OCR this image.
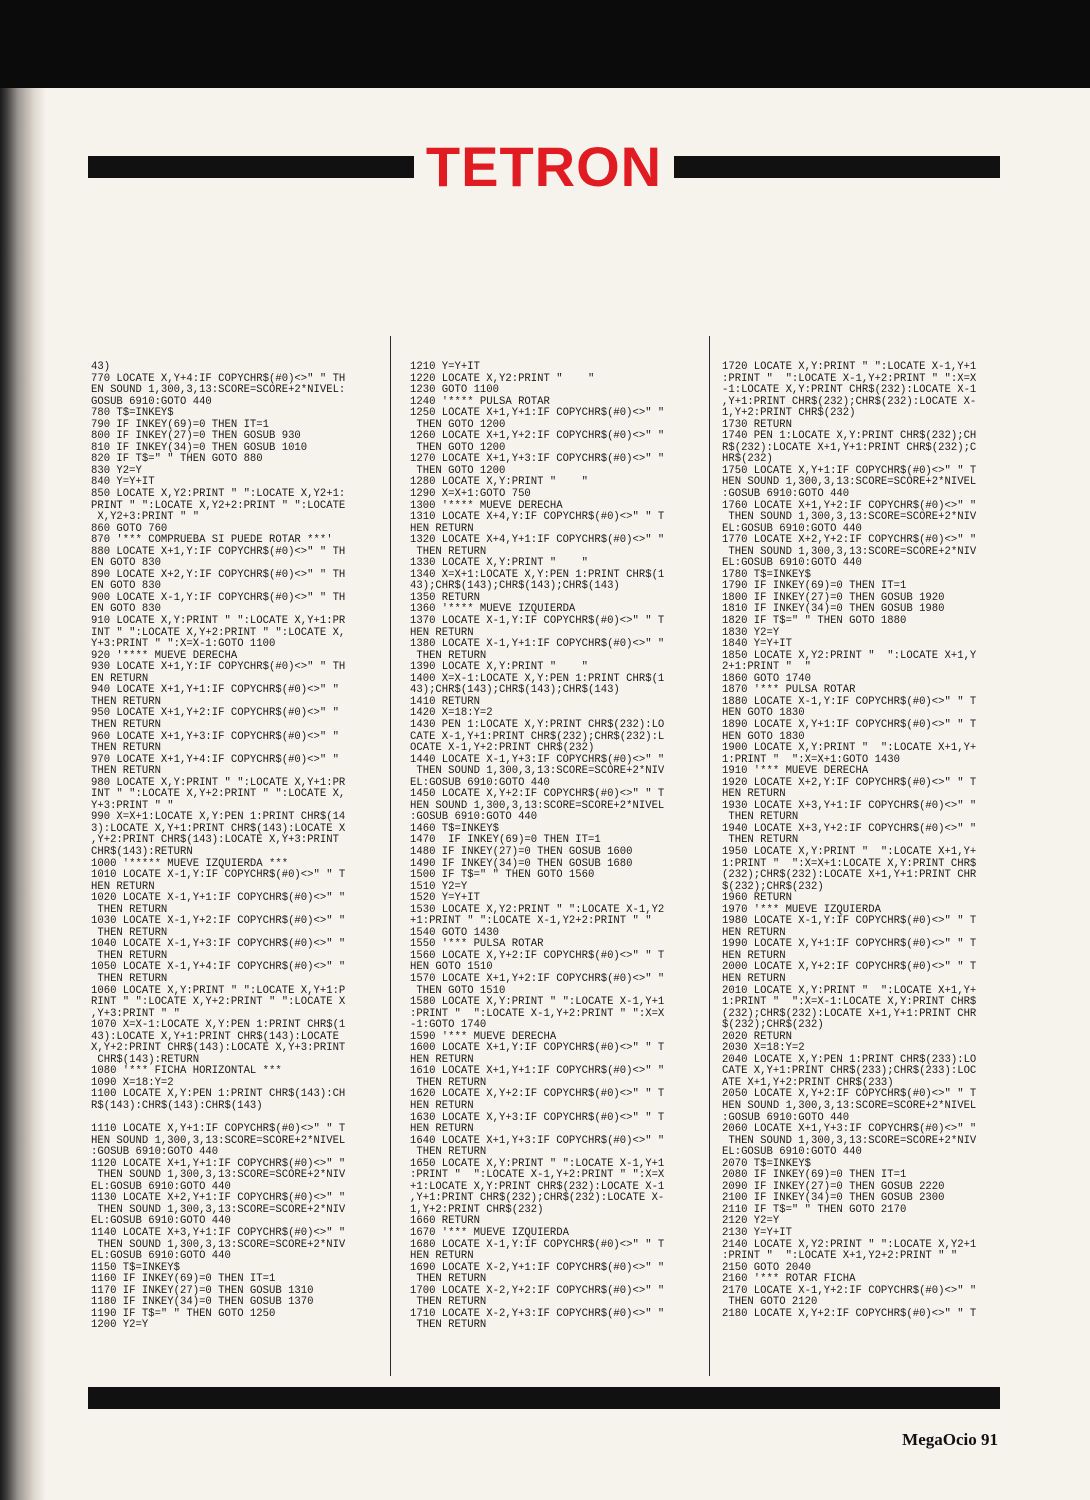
TETRON
43)
770 LOCATE X,Y+4:IF COPYCHR$(#0)<>" " TH
EN SOUND 1,300,3,13:SCORE=SCORE+2*NIVEL:
GOSUB 6910:GOTO 440
780 T$=INKEY$
790 IF INKEY(69)=0 THEN IT=1
800 IF INKEY(27)=0 THEN GOSUB 930
810 IF INKEY(34)=0 THEN GOSUB 1010
820 IF T$=" " THEN GOTO 880
830 Y2=Y
840 Y=Y+IT
850 LOCATE X,Y2:PRINT " ":LOCATE X,Y2+1:
PRINT " ":LOCATE X,Y2+2:PRINT " ":LOCATE
X,Y2+3:PRINT " "
860 GOTO 760
870 '*** COMPRUEBA SI PUEDE ROTAR ***'
880 LOCATE X+1,Y:IF COPYCHR$(#0)<>" " TH
EN GOTO 830
890 LOCATE X+2,Y:IF COPYCHR$(#0)<>" " TH
EN GOTO 830
900 LOCATE X-1,Y:IF COPYCHR$(#0)<>" " TH
EN GOTO 830
910 LOCATE X,Y:PRINT " ":LOCATE X,Y+1:PR
INT " ":LOCATE X,Y+2:PRINT " ":LOCATE X,
Y+3:PRINT " ":X=X-1:GOTO 1100
920 '**** MUEVE DERECHA
930 LOCATE X+1,Y:IF COPYCHR$(#0)<>" " TH
EN RETURN
940 LOCATE X+1,Y+1:IF COPYCHR$(#0)<>" "
THEN RETURN
950 LOCATE X+1,Y+2:IF COPYCHR$(#0)<>" "
THEN RETURN
960 LOCATE X+1,Y+3:IF COPYCHR$(#0)<>" "
THEN RETURN
970 LOCATE X+1,Y+4:IF COPYCHR$(#0)<>" "
THEN RETURN
980 LOCATE X,Y:PRINT " ":LOCATE X,Y+1:PR
INT " ":LOCATE X,Y+2:PRINT " ":LOCATE X,
Y+3:PRINT " "
990 X=X+1:LOCATE X,Y:PEN 1:PRINT CHR$(14
3):LOCATE X,Y+1:PRINT CHR$(143):LOCATE X
,Y+2:PRINT CHR$(143):LOCATE X,Y+3:PRINT
CHR$(143):RETURN
1000 '***** MUEVE IZQUIERDA ***
1010 LOCATE X-1,Y:IF COPYCHR$(#0)<>" " T
HEN RETURN
1020 LOCATE X-1,Y+1:IF COPYCHR$(#0)<>" "
THEN RETURN
1030 LOCATE X-1,Y+2:IF COPYCHR$(#0)<>" "
THEN RETURN
1040 LOCATE X-1,Y+3:IF COPYCHR$(#0)<>" "
THEN RETURN
1050 LOCATE X-1,Y+4:IF COPYCHR$(#0)<>" "
THEN RETURN
1060 LOCATE X,Y:PRINT " ":LOCATE X,Y+1:P
RINT " ":LOCATE X,Y+2:PRINT " ":LOCATE X
,Y+3:PRINT " "
1070 X=X-1:LOCATE X,Y:PEN 1:PRINT CHR$(1
43):LOCATE X,Y+1:PRINT CHR$(143):LOCATE
X,Y+2:PRINT CHR$(143):LOCATE X,Y+3:PRINT
CHR$(143):RETURN
1080 '*** FICHA HORIZONTAL ***
1090 X=18:Y=2
1100 LOCATE X,Y:PEN 1:PRINT CHR$(143):CH
R$(143):CHR$(143):CHR$(143)
1110 LOCATE X,Y+1:IF COPYCHR$(#0)<>" " T
HEN SOUND 1,300,3,13:SCORE=SCORE+2*NIVEL
:GOSUB 6910:GOTO 440
1120 LOCATE X+1,Y+1:IF COPYCHR$(#0)<>" "
THEN SOUND 1,300,3,13:SCORE=SCORE+2*NIV
EL:GOSUB 6910:GOTO 440
1130 LOCATE X+2,Y+1:IF COPYCHR$(#0)<>" "
THEN SOUND 1,300,3,13:SCORE=SCORE+2*NIV
EL:GOSUB 6910:GOTO 440
1140 LOCATE X+3,Y+1:IF COPYCHR$(#0)<>" "
THEN SOUND 1,300,3,13:SCORE=SCORE+2*NIV
EL:GOSUB 6910:GOTO 440
1150 T$=INKEY$
1160 IF INKEY(69)=0 THEN IT=1
1170 IF INKEY(27)=0 THEN GOSUB 1310
1180 IF INKEY(34)=0 THEN GOSUB 1370
1190 IF T$=" " THEN GOTO 1250
1200 Y2=Y
1210 Y=Y+IT
1220 LOCATE X,Y2:PRINT "    "
1230 GOTO 1100
1240 '**** PULSA ROTAR
1250 LOCATE X+1,Y+1:IF COPYCHR$(#0)<>" "
THEN GOTO 1200
1260 LOCATE X+1,Y+2:IF COPYCHR$(#0)<>" "
THEN GOTO 1200
1270 LOCATE X+1,Y+3:IF COPYCHR$(#0)<>" "
THEN GOTO 1200
1280 LOCATE X,Y:PRINT "    "
1290 X=X+1:GOTO 750
1300 '**** MUEVE DERECHA
1310 LOCATE X+4,Y:IF COPYCHR$(#0)<>" " T
HEN RETURN
1320 LOCATE X+4,Y+1:IF COPYCHR$(#0)<>" "
THEN RETURN
1330 LOCATE X,Y:PRINT "    "
1340 X=X+1:LOCATE X,Y:PEN 1:PRINT CHR$(1
43);CHR$(143);CHR$(143);CHR$(143)
1350 RETURN
1360 '**** MUEVE IZQUIERDA
1370 LOCATE X-1,Y:IF COPYCHR$(#0)<>" " T
HEN RETURN
1380 LOCATE X-1,Y+1:IF COPYCHR$(#0)<>" "
THEN RETURN
1390 LOCATE X,Y:PRINT "    "
1400 X=X-1:LOCATE X,Y:PEN 1:PRINT CHR$(1
43);CHR$(143);CHR$(143);CHR$(143)
1410 RETURN
1420 X=18:Y=2
1430 PEN 1:LOCATE X,Y:PRINT CHR$(232):LO
CATE X-1,Y+1:PRINT CHR$(232);CHR$(232):L
OCATE X-1,Y+2:PRINT CHR$(232)
1440 LOCATE X-1,Y+3:IF COPYCHR$(#0)<>" "
THEN SOUND 1,300,3,13:SCORE=SCORE+2*NIV
EL:GOSUB 6910:GOTO 440
1450 LOCATE X,Y+2:IF COPYCHR$(#0)<>" " T
HEN SOUND 1,300,3,13:SCORE=SCORE+2*NIVEL
:GOSUB 6910:GOTO 440
1460 T$=INKEY$
1470  IF INKEY(69)=0 THEN IT=1
1480 IF INKEY(27)=0 THEN GOSUB 1600
1490 IF INKEY(34)=0 THEN GOSUB 1680
1500 IF T$=" " THEN GOTO 1560
1510 Y2=Y
1520 Y=Y+IT
1530 LOCATE X,Y2:PRINT " ":LOCATE X-1,Y2
+1:PRINT " ":LOCATE X-1,Y2+2:PRINT " "
1540 GOTO 1430
1550 '*** PULSA ROTAR
1560 LOCATE X,Y+2:IF COPYCHR$(#0)<>" " T
HEN GOTO 1510
1570 LOCATE X+1,Y+2:IF COPYCHR$(#0)<>" "
THEN GOTO 1510
1580 LOCATE X,Y:PRINT " ":LOCATE X-1,Y+1
:PRINT "  ":LOCATE X-1,Y+2:PRINT " ":X=X
-1:GOTO 1740
1590 '*** MUEVE DERECHA
1600 LOCATE X+1,Y:IF COPYCHR$(#0)<>" " T
HEN RETURN
1610 LOCATE X+1,Y+1:IF COPYCHR$(#0)<>" "
THEN RETURN
1620 LOCATE X,Y+2:IF COPYCHR$(#0)<>" " T
HEN RETURN
1630 LOCATE X,Y+3:IF COPYCHR$(#0)<>" " T
HEN RETURN
1640 LOCATE X+1,Y+3:IF COPYCHR$(#0)<>" "
THEN RETURN
1650 LOCATE X,Y:PRINT " ":LOCATE X-1,Y+1
:PRINT "  ":LOCATE X-1,Y+2:PRINT " ":X=X
+1:LOCATE X,Y:PRINT CHR$(232):LOCATE X-1
,Y+1:PRINT CHR$(232);CHR$(232):LOCATE X-
1,Y+2:PRINT CHR$(232)
1660 RETURN
1670 '*** MUEVE IZQUIERDA
1680 LOCATE X-1,Y:IF COPYCHR$(#0)<>" " T
HEN RETURN
1690 LOCATE X-2,Y+1:IF COPYCHR$(#0)<>" "
THEN RETURN
1700 LOCATE X-2,Y+2:IF COPYCHR$(#0)<>" "
THEN RETURN
1710 LOCATE X-2,Y+3:IF COPYCHR$(#0)<>" "
THEN RETURN
1720 LOCATE X,Y:PRINT " ":LOCATE X-1,Y+1
:PRINT "  ":LOCATE X-1,Y+2:PRINT " ":X=X
-1:LOCATE X,Y:PRINT CHR$(232):LOCATE X-1
,Y+1:PRINT CHR$(232);CHR$(232):LOCATE X-
1,Y+2:PRINT CHR$(232)
1730 RETURN
1740 PEN 1:LOCATE X,Y:PRINT CHR$(232);CH
R$(232):LOCATE X+1,Y+1:PRINT CHR$(232);C
HR$(232)
1750 LOCATE X,Y+1:IF COPYCHR$(#0)<>" " T
HEN SOUND 1,300,3,13:SCORE=SCORE+2*NIVEL
:GOSUB 6910:GOTO 440
1760 LOCATE X+1,Y+2:IF COPYCHR$(#0)<>" "
THEN SOUND 1,300,3,13:SCORE=SCORE+2*NIV
EL:GOSUB 6910:GOTO 440
1770 LOCATE X+2,Y+2:IF COPYCHR$(#0)<>" "
THEN SOUND 1,300,3,13:SCORE=SCORE+2*NIV
EL:GOSUB 6910:GOTO 440
1780 T$=INKEY$
1790 IF INKEY(69)=0 THEN IT=1
1800 IF INKEY(27)=0 THEN GOSUB 1920
1810 IF INKEY(34)=0 THEN GOSUB 1980
1820 IF T$=" " THEN GOTO 1880
1830 Y2=Y
1840 Y=Y+IT
1850 LOCATE X,Y2:PRINT "  ":LOCATE X+1,Y
2+1:PRINT "  "
1860 GOTO 1740
1870 '*** PULSA ROTAR
1880 LOCATE X-1,Y:IF COPYCHR$(#0)<>" " T
HEN GOTO 1830
1890 LOCATE X,Y+1:IF COPYCHR$(#0)<>" " T
HEN GOTO 1830
1900 LOCATE X,Y:PRINT "  ":LOCATE X+1,Y+
1:PRINT "  ":X=X+1:GOTO 1430
1910 '*** MUEVE DERECHA
1920 LOCATE X+2,Y:IF COPYCHR$(#0)<>" " T
HEN RETURN
1930 LOCATE X+3,Y+1:IF COPYCHR$(#0)<>" "
THEN RETURN
1940 LOCATE X+3,Y+2:IF COPYCHR$(#0)<>" "
THEN RETURN
1950 LOCATE X,Y:PRINT "  ":LOCATE X+1,Y+
1:PRINT "  ":X=X+1:LOCATE X,Y:PRINT CHR$
(232);CHR$(232):LOCATE X+1,Y+1:PRINT CHR
$(232);CHR$(232)
1960 RETURN
1970 '*** MUEVE IZQUIERDA
1980 LOCATE X-1,Y:IF COPYCHR$(#0)<>" " T
HEN RETURN
1990 LOCATE X,Y+1:IF COPYCHR$(#0)<>" " T
HEN RETURN
2000 LOCATE X,Y+2:IF COPYCHR$(#0)<>" " T
HEN RETURN
2010 LOCATE X,Y:PRINT "  ":LOCATE X+1,Y+
1:PRINT "  ":X=X-1:LOCATE X,Y:PRINT CHR$
(232);CHR$(232):LOCATE X+1,Y+1:PRINT CHR
$(232);CHR$(232)
2020 RETURN
2030 X=18:Y=2
2040 LOCATE X,Y:PEN 1:PRINT CHR$(233):LO
CATE X,Y+1:PRINT CHR$(233);CHR$(233):LOC
ATE X+1,Y+2:PRINT CHR$(233)
2050 LOCATE X,Y+2:IF COPYCHR$(#0)<>" " T
HEN SOUND 1,300,3,13:SCORE=SCORE+2*NIVEL
:GOSUB 6910:GOTO 440
2060 LOCATE X+1,Y+3:IF COPYCHR$(#0)<>" "
THEN SOUND 1,300,3,13:SCORE=SCORE+2*NIV
EL:GOSUB 6910:GOTO 440
2070 T$=INKEY$
2080 IF INKEY(69)=0 THEN IT=1
2090 IF INKEY(27)=0 THEN GOSUB 2220
2100 IF INKEY(34)=0 THEN GOSUB 2300
2110 IF T$=" " THEN GOTO 2170
2120 Y2=Y
2130 Y=Y+IT
2140 LOCATE X,Y2:PRINT " ":LOCATE X,Y2+1
:PRINT "  ":LOCATE X+1,Y2+2:PRINT " "
2150 GOTO 2040
2160 '*** ROTAR FICHA
2170 LOCATE X-1,Y+2:IF COPYCHR$(#0)<>" "
THEN GOTO 2120
2180 LOCATE X,Y+2:IF COPYCHR$(#0)<>" " T
MegaOcio 91
